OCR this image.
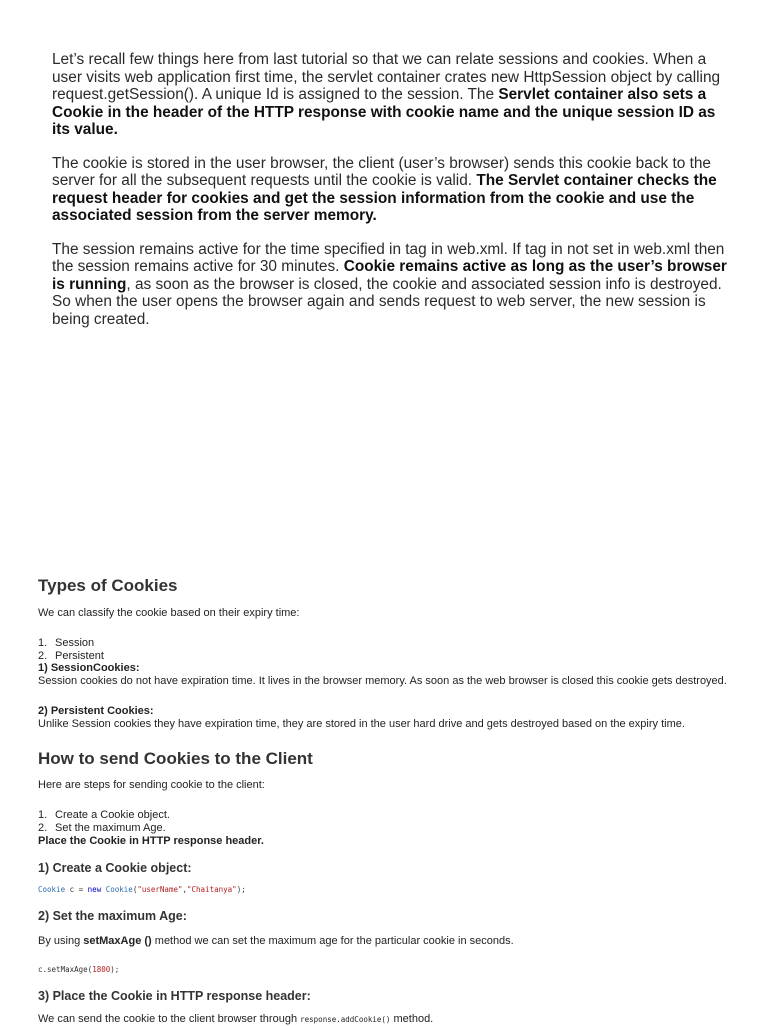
Let’s recall few things here from last tutorial so that we can relate sessions and cookies. When a user visits web application first time, the servlet container crates new HttpSession object by calling request.getSession(). A unique Id is assigned to the session. The Servlet container also sets a Cookie in the header of the HTTP response with cookie name and the unique session ID as its value.

The cookie is stored in the user browser, the client (user’s browser) sends this cookie back to the server for all the subsequent requests until the cookie is valid. The Servlet container checks the request header for cookies and get the session information from the cookie and use the associated session from the server memory.

The session remains active for the time specified in tag in web.xml. If tag in not set in web.xml then the session remains active for 30 minutes. Cookie remains active as long as the user’s browser is running, as soon as the browser is closed, the cookie and associated session info is destroyed. So when the user opens the browser again and sends request to web server, the new session is being created.

Types of Cookies
We can classify the cookie based on their expiry time:
1. Session
2. Persistent
1) SessionCookies:
Session cookies do not have expiration time. It lives in the browser memory. As soon as the web browser is closed this cookie gets destroyed.
2) Persistent Cookies:
Unlike Session cookies they have expiration time, they are stored in the user hard drive and gets destroyed based on the expiry time.
How to send Cookies to the Client
Here are steps for sending cookie to the client:
1. Create a Cookie object.
2. Set the maximum Age.
Place the Cookie in HTTP response header.
1) Create a Cookie object:
Cookie c = new Cookie("userName","Chaitanya");
2) Set the maximum Age:
By using setMaxAge () method we can set the maximum age for the particular cookie in seconds.
c.setMaxAge(1800);
3) Place the Cookie in HTTP response header:
We can send the cookie to the client browser through response.addCookie() method.
